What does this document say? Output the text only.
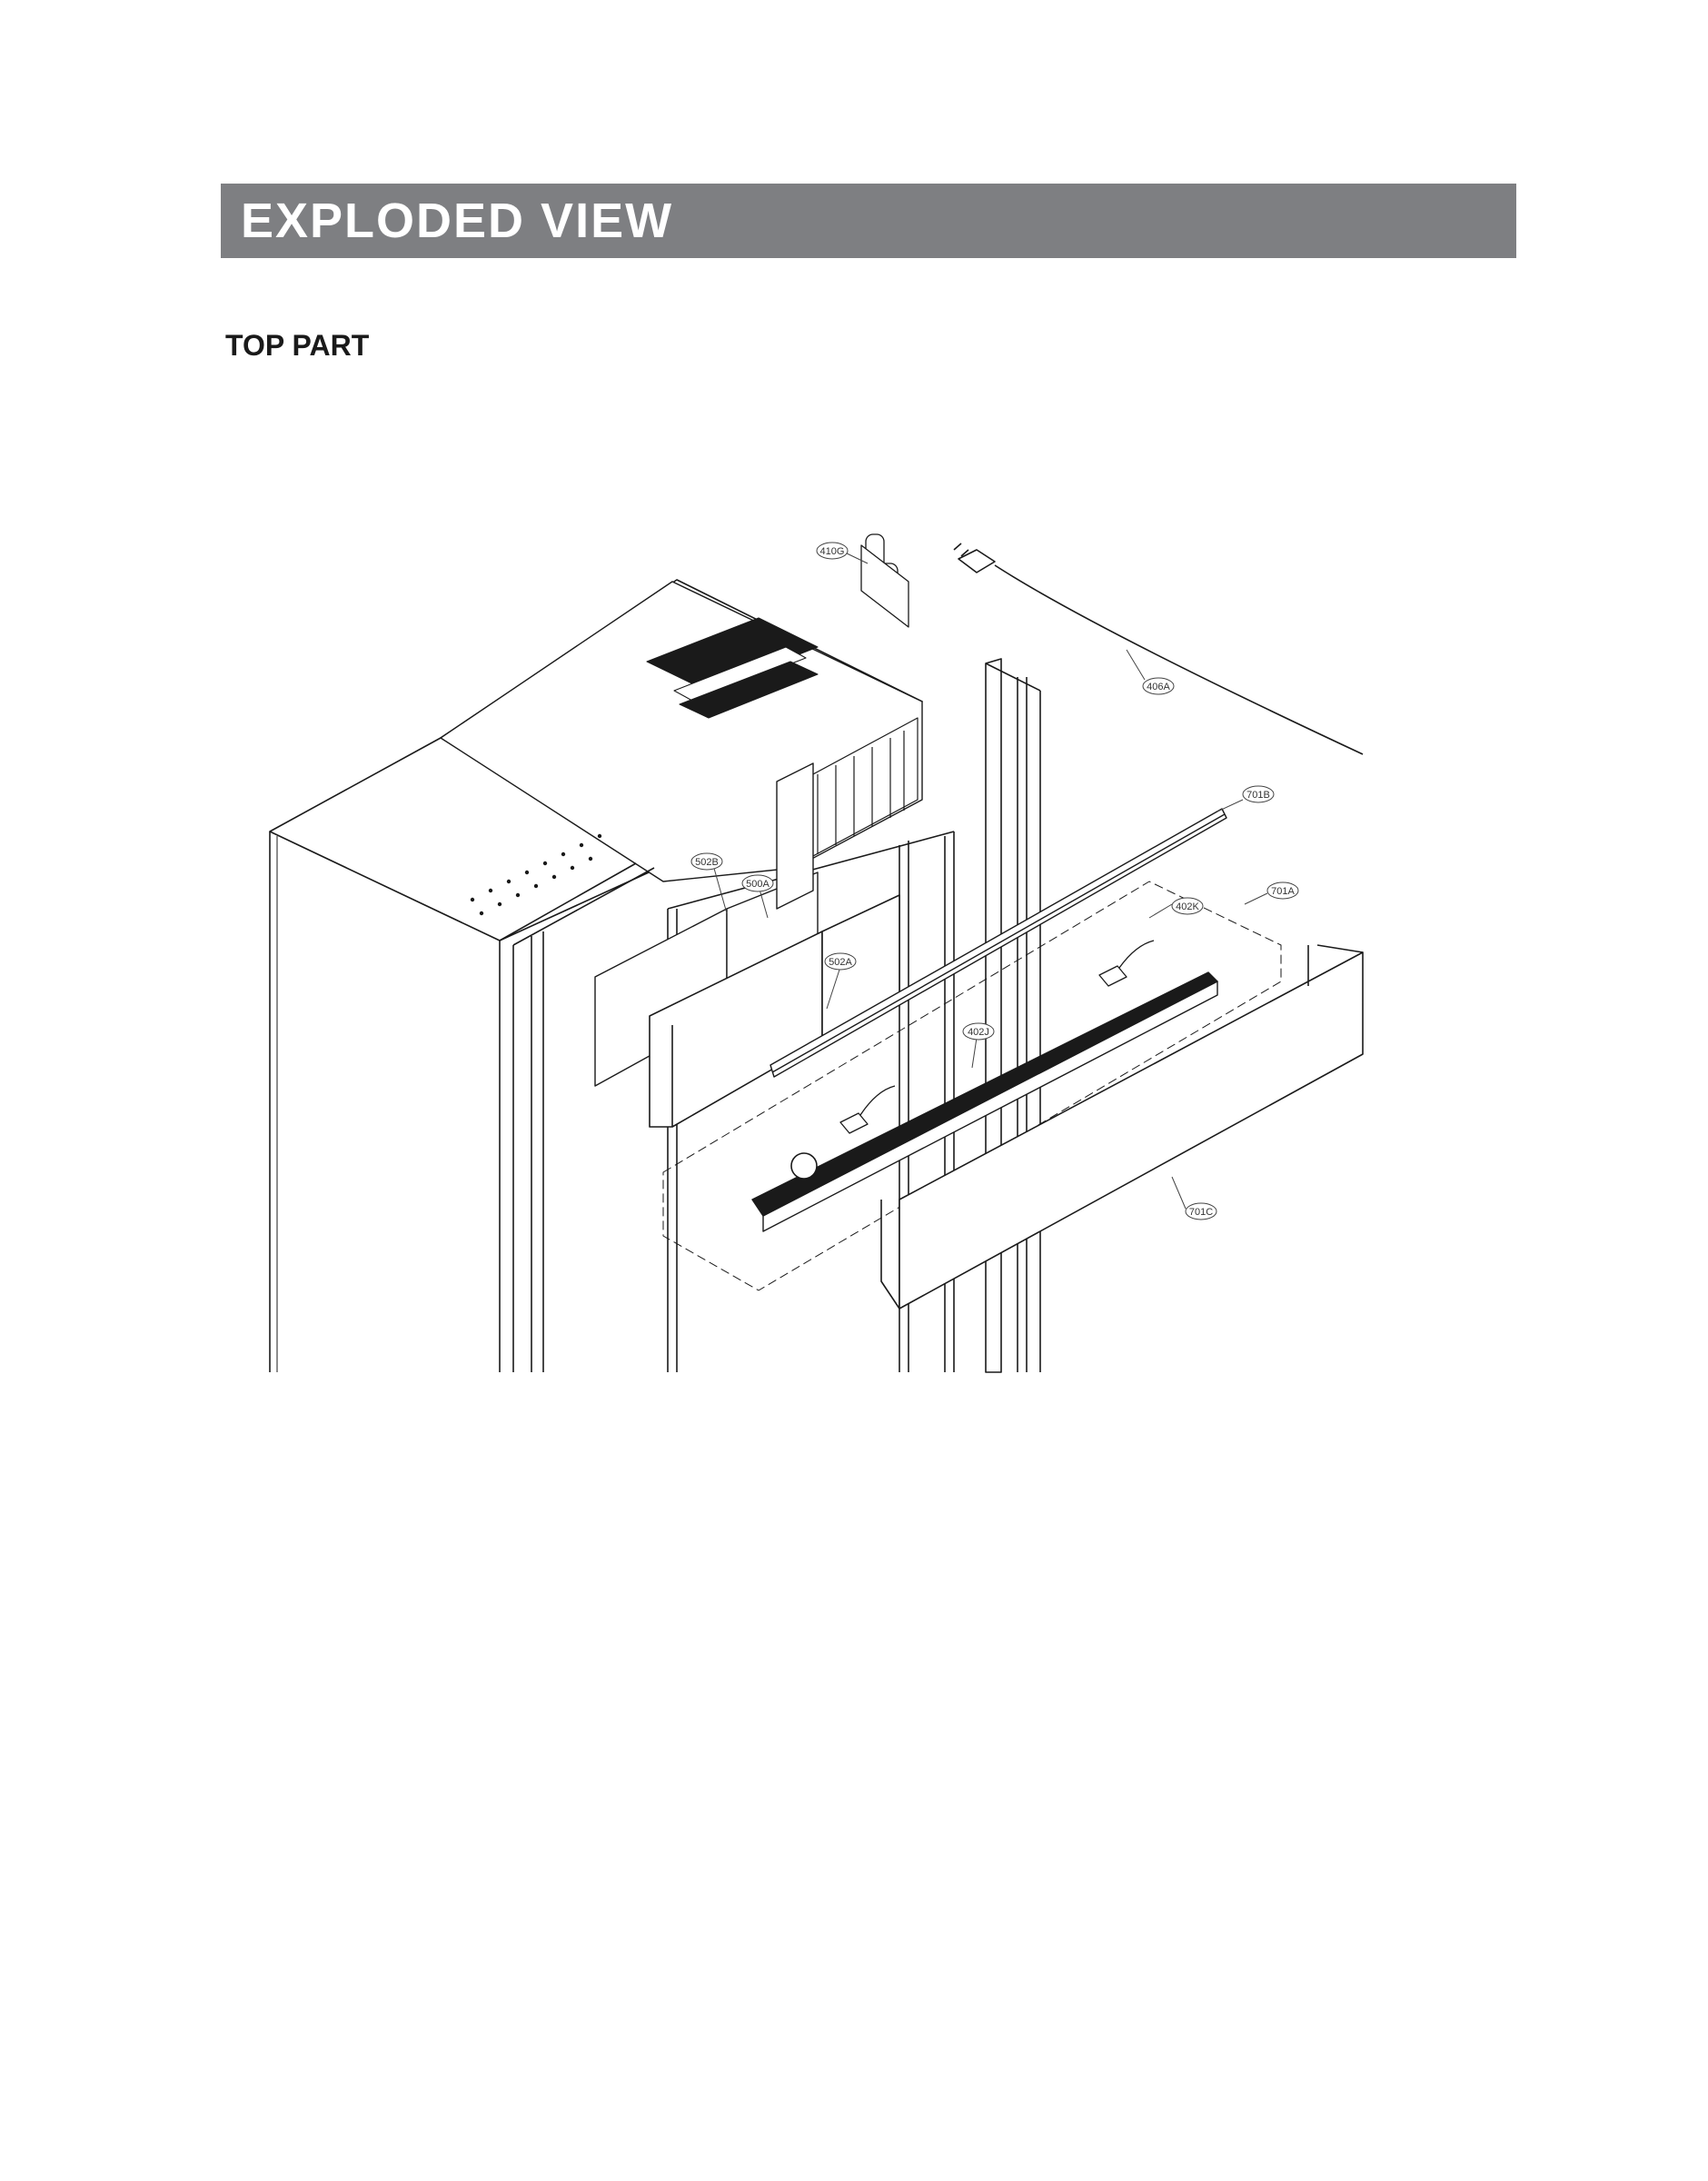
EXPLODED VIEW
TOP PART
410G
406A
701B
701A
402K
502B
500A
502A
402J
701C
